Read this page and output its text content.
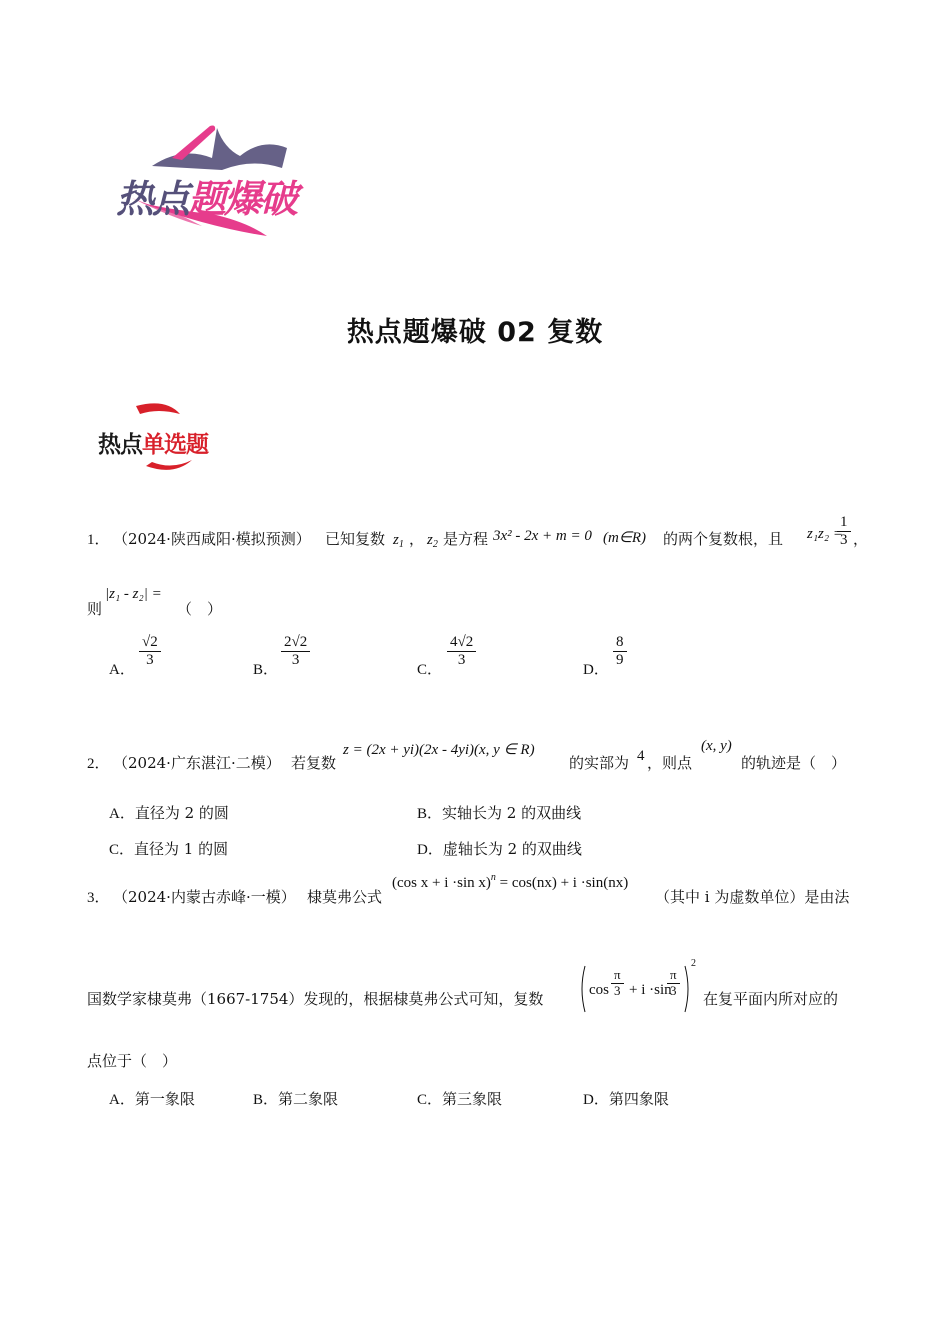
热点题爆破
热点题爆破 02 复数
热点单选题
1． （2024·陕西咸阳·模拟预测） 已知复数 $z_1$ ， $z_2$ 是方程 3x² - 2x + m = 0 (m∈R) 的两个复数根，且 z₁z₂ =
$\frac{1}{3}$ ，
则
|z₁ - z₂| =
（　）
A．
$\frac{√2}{3}$
B．
$\frac{2√2}{3}$
C．
$\frac{4√2}{3}$
D．
$\frac{8}{9}$
2． （2024·广东湛江·二模） 若复数
z = (2x + yi)(2x - 4yi)(x, y ∈ R)
的实部为 4 ，则点
(x, y)
的轨迹是（　）
A．直径为 2 的圆	B．实轴长为 2 的双曲线
C．直径为 1 的圆	D．虚轴长为 2 的双曲线
3． （2024·内蒙古赤峰·一模） 棣莫弗公式
(cos x + i ·sin x)$^n$ = cos(nx) + i ·sin(nx)
（其中 i 为虚数单位）是由法
国数学家棣莫弗（1667-1754）发现的，根据棣莫弗公式可知，复数	$\cos \frac{\pi}{3} + i \cdot\sin$
$\frac{\pi}{3}$
2
在复平面内所对应的
点位于（　）
A．第一象限	B．第二象限	C．第三象限	D．第四象限
